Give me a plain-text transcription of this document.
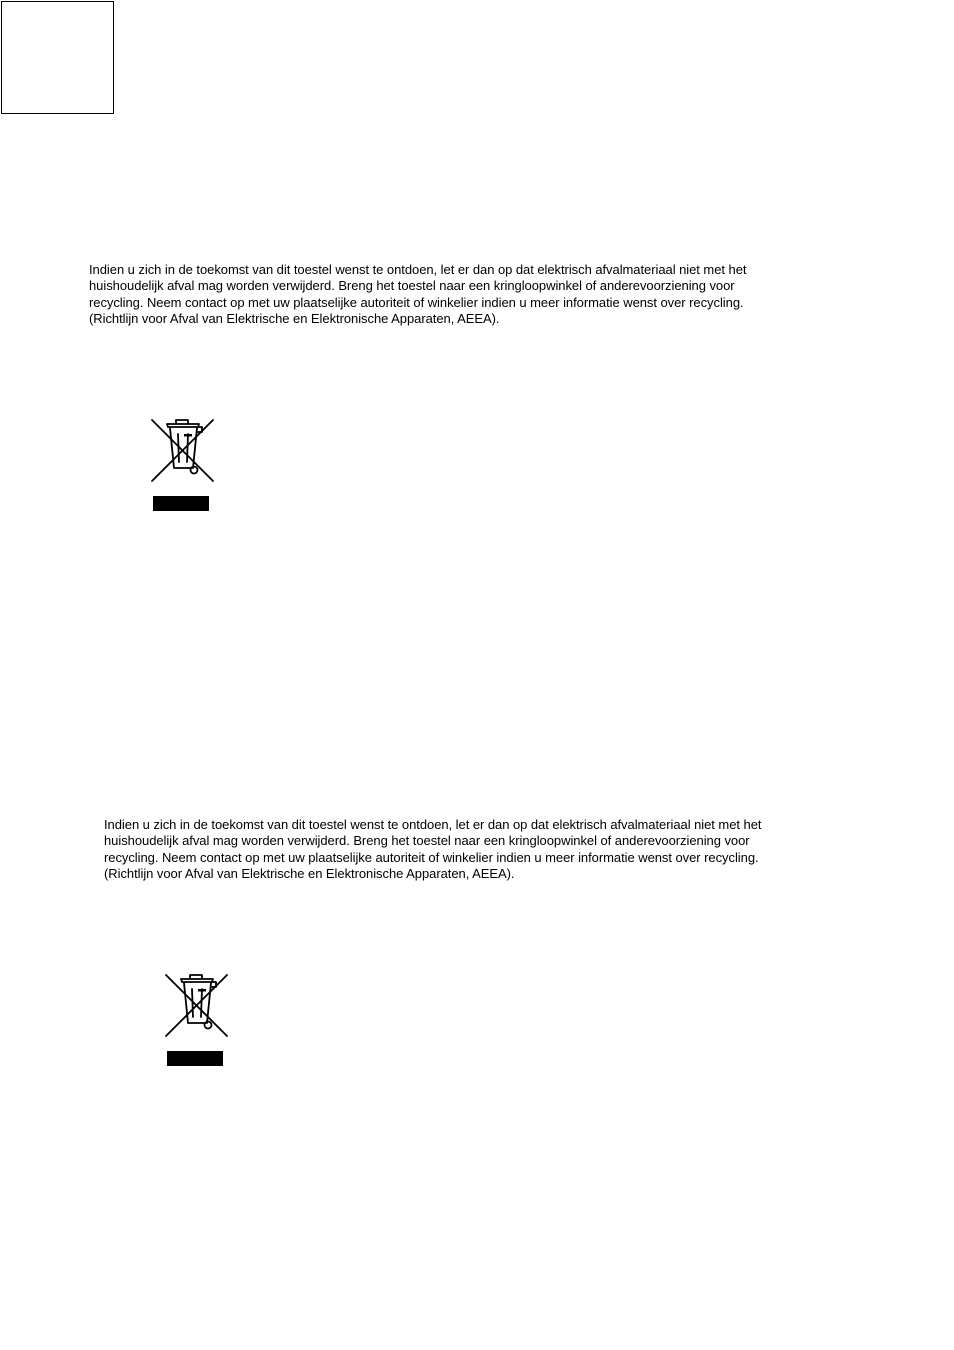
Indien u zich in de toekomst van dit toestel wenst te ontdoen, let er dan op dat elektrisch afvalmateriaal niet met het
huishoudelijk afval mag worden verwijderd. Breng het toestel naar een kringloopwinkel of anderevoorziening voor
recycling. Neem contact op met uw plaatselijke autoriteit of winkelier indien u meer informatie wenst over recycling.
(Richtlijn voor Afval van Elektrische en Elektronische Apparaten, AEEA).
Indien u zich in de toekomst van dit toestel wenst te ontdoen, let er dan op dat elektrisch afvalmateriaal niet met het
huishoudelijk afval mag worden verwijderd. Breng het toestel naar een kringloopwinkel of anderevoorziening voor
recycling. Neem contact op met uw plaatselijke autoriteit of winkelier indien u meer informatie wenst over recycling.
(Richtlijn voor Afval van Elektrische en Elektronische Apparaten, AEEA).
